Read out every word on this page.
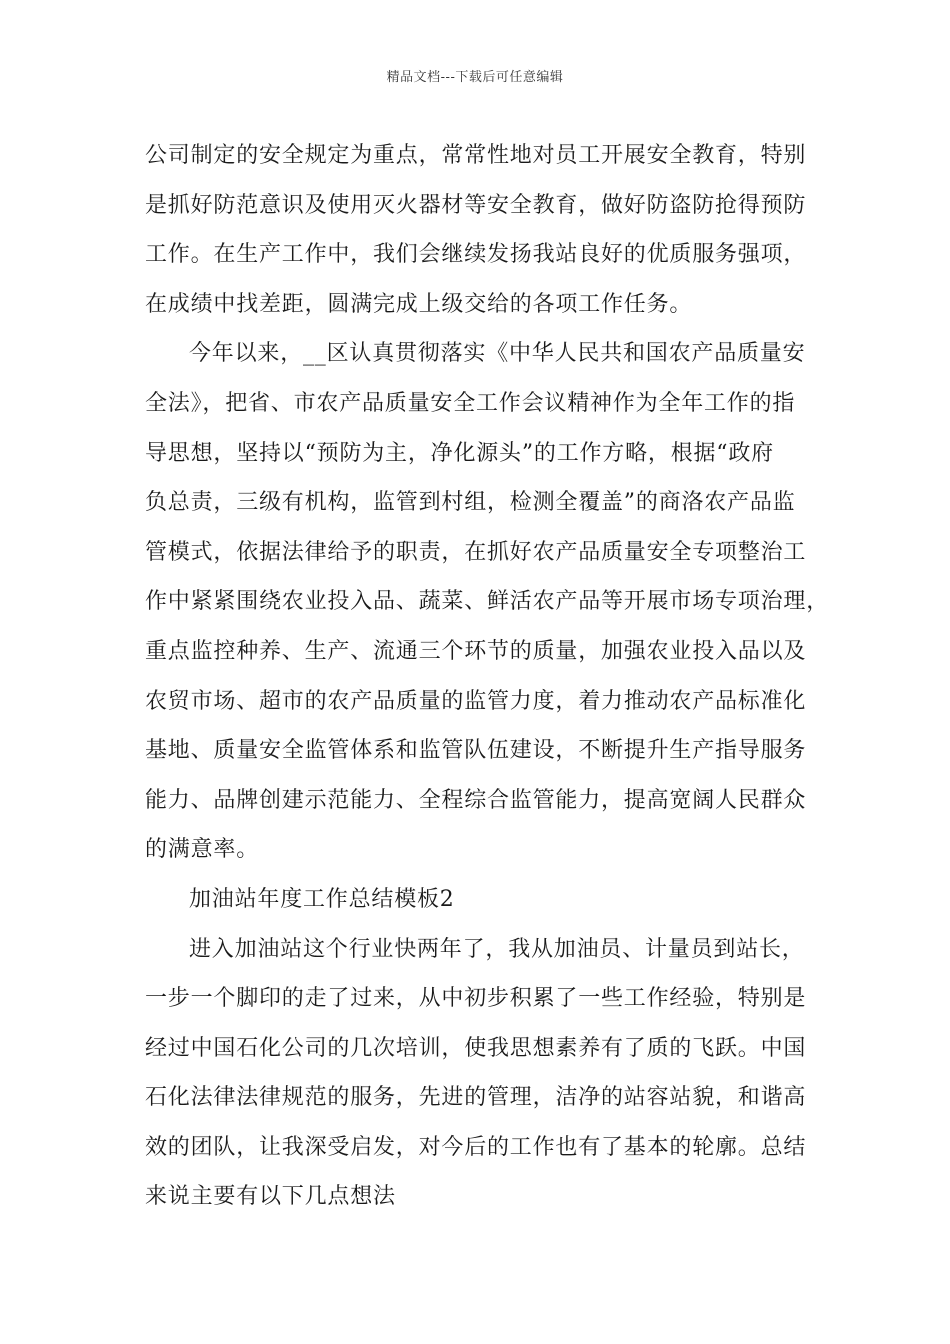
精品文档---下载后可任意编辑
公司制定的安全规定为重点，常常性地对员工开展安全教育，特别
是抓好防范意识及使用灭火器材等安全教育，做好防盗防抢得预防
工作。在生产工作中，我们会继续发扬我站良好的优质服务强项，
在成绩中找差距，圆满完成上级交给的各项工作任务。
今年以来，__区认真贯彻落实《中华人民共和国农产品质量安
全法》，把省、市农产品质量安全工作会议精神作为全年工作的指
导思想，坚持以“预防为主，净化源头”的工作方略，根据“政府
负总责，三级有机构，监管到村组，检测全覆盖”的商洛农产品监
管模式，依据法律给予的职责，在抓好农产品质量安全专项整治工
作中紧紧围绕农业投入品、蔬菜、鲜活农产品等开展市场专项治理，
重点监控种养、生产、流通三个环节的质量，加强农业投入品以及
农贸市场、超市的农产品质量的监管力度，着力推动农产品标准化
基地、质量安全监管体系和监管队伍建设，不断提升生产指导服务
能力、品牌创建示范能力、全程综合监管能力，提高宽阔人民群众
的满意率。
加油站年度工作总结模板2
进入加油站这个行业快两年了，我从加油员、计量员到站长，
一步一个脚印的走了过来，从中初步积累了一些工作经验，特别是
经过中国石化公司的几次培训，使我思想素养有了质的飞跃。中国
石化法律法律规范的服务，先进的管理，洁净的站容站貌，和谐高
效的团队，让我深受启发，对今后的工作也有了基本的轮廓。总结
来说主要有以下几点想法
